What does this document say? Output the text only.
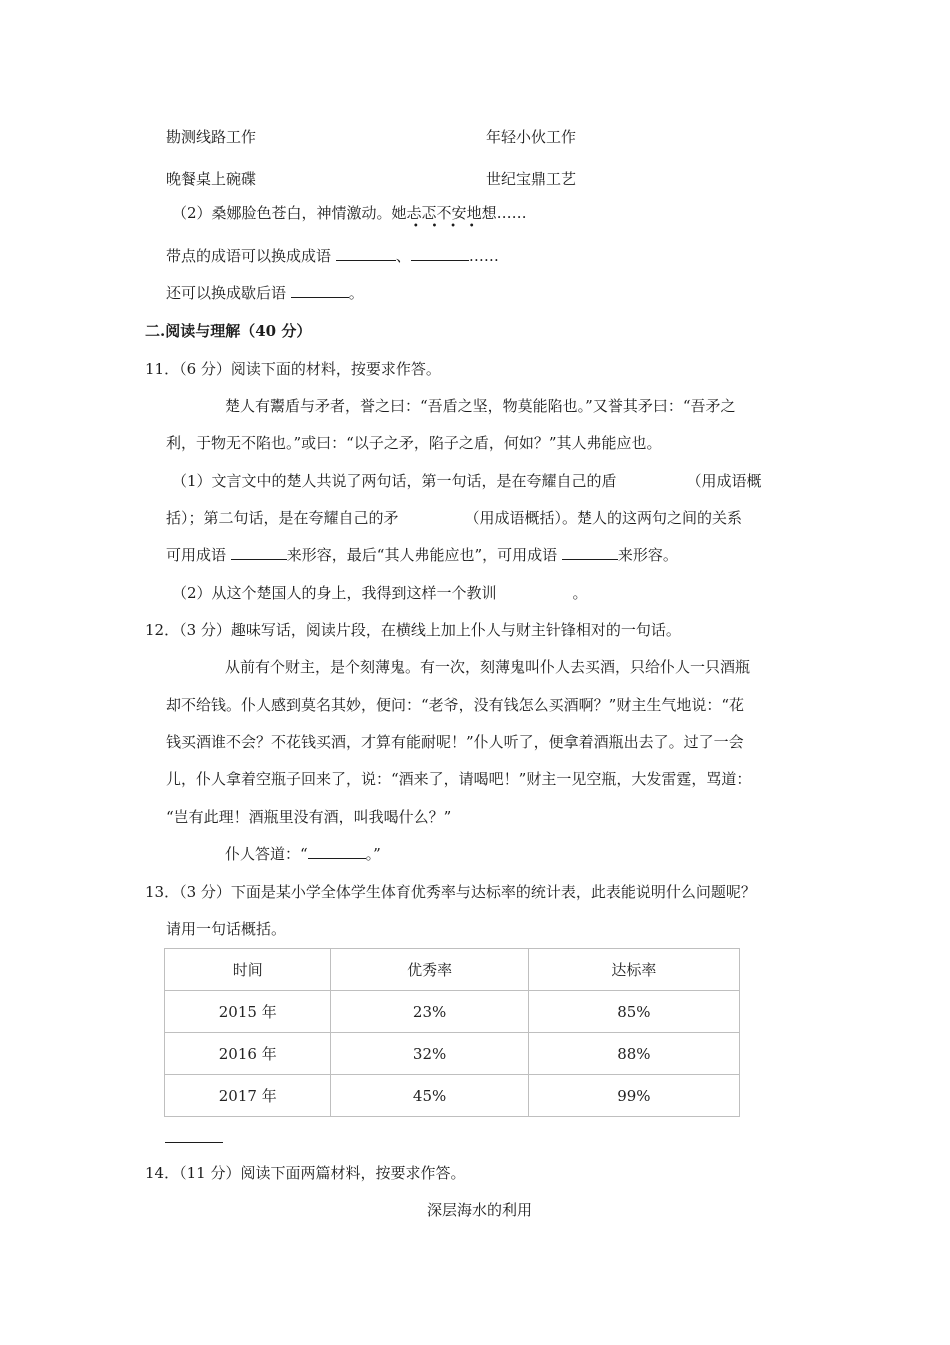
勘测线路工作	年轻小伙工作
晚餐桌上碗碟	世纪宝鼎工艺
（2）桑娜脸色苍白，神情激动。她忐忑不安
•    •    •    •
地想……
带点的成语可以换成成语	、	……
还可以换成歇后语	。
二.阅读与理解（40 分）
11．（6 分）阅读下面的材料，按要求作答。
楚人有鬻盾与矛者，誉之曰：“吾盾之坚，物莫能陷也。”又誉其矛曰：“吾矛之
利，于物无不陷也。”或曰：“以子之矛，陷子之盾，何如？”其人弗能应也。
（1）文言文中的楚人共说了两句话，第一句话，是在夸耀自己的盾	（用成语概
括）；第二句话，是在夸耀自己的矛	（用成语概括）。楚人的这两句之间的关系
可用成语	来形容，最后“其人弗能应也”，可用成语	来形容。
（2）从这个楚国人的身上，我得到这样一个教训	。
12．（3 分）趣味写话，阅读片段，在横线上加上仆人与财主针锋相对的一句话。
从前有个财主，是个刻薄鬼。有一次，刻薄鬼叫仆人去买酒，只给仆人一只酒瓶
却不给钱。仆人感到莫名其妙，便问：“老爷，没有钱怎么买酒啊？”财主生气地说：“花
钱买酒谁不会？不花钱买酒，才算有能耐呢！”仆人听了，便拿着酒瓶出去了。过了一会
儿，仆人拿着空瓶子回来了，说：“酒来了，请喝吧！”财主一见空瓶，大发雷霆，骂道：
“岂有此理！酒瓶里没有酒，叫我喝什么？”
仆人答道：“	。”
13．（3 分）下面是某小学全体学生体育优秀率与达标率的统计表，此表能说明什么问题呢？
请用一句话概括。
时间	优秀率	达标率
2015 年	23%	85%
2016 年	32%	88%
2017 年	45%	99%
14．（11 分）阅读下面两篇材料，按要求作答。
深层海水的利用
